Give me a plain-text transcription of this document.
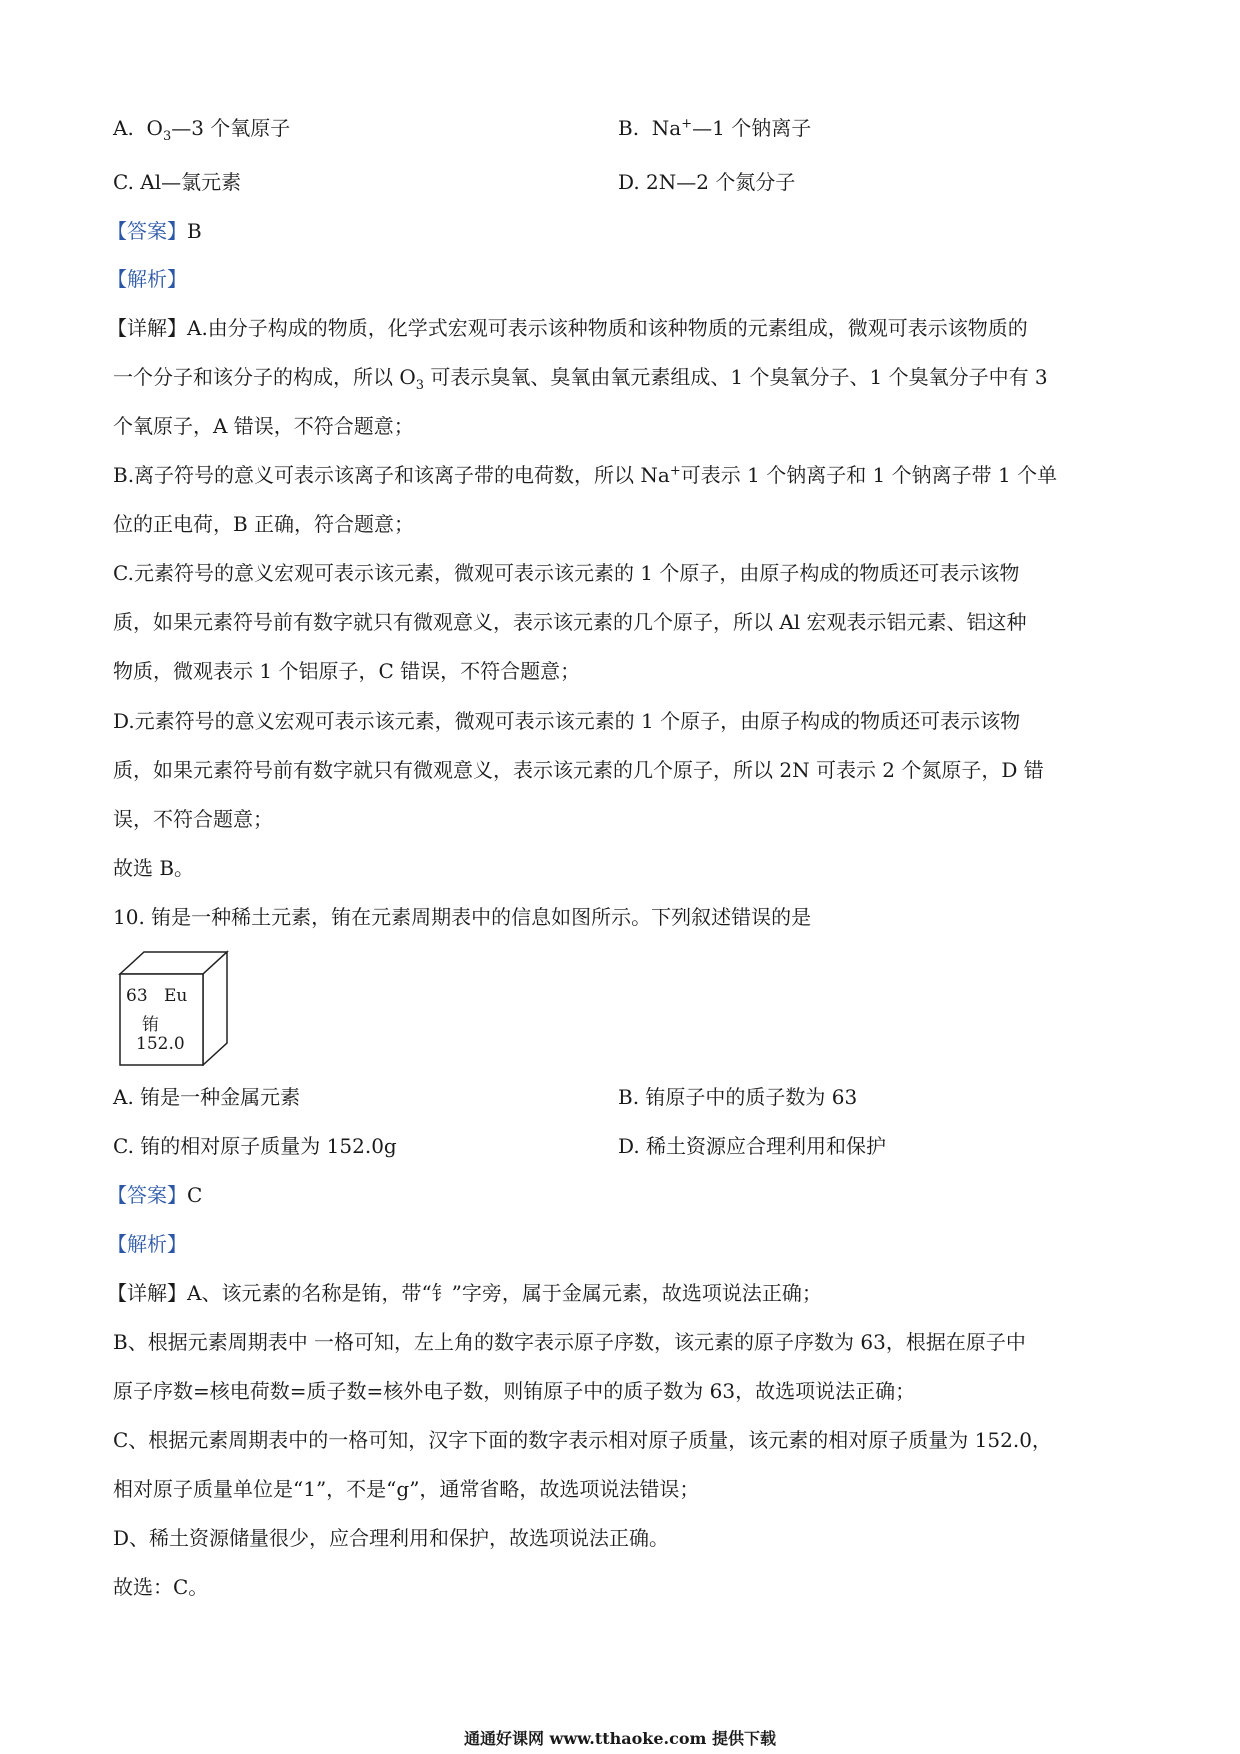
A. $O_3—3$ 个氧原子	B. Na+—1 个钠离子
C. Al—氯元素	D. 2N—2 个氮分子
【答案】B
【解析】
【详解】A.由分子构成的物质，化学式宏观可表示该种物质和该种物质的元素组成，微观可表示该物质的
一个分子和该分子的构成，所以 $O_3$ 可表示臭氧、臭氧由氧元素组成、1 个臭氧分子、1 个臭氧分子中有 3
个氧原子，A 错误，不符合题意；
B.离子符号的意义可表示该离子和该离子带的电荷数，所以 Na+可表示 1 个钠离子和 1 个钠离子带 1 个单
位的正电荷，B 正确，符合题意；
C.元素符号的意义宏观可表示该元素，微观可表示该元素的 1 个原子，由原子构成的物质还可表示该物
质，如果元素符号前有数字就只有微观意义，表示该元素的几个原子，所以 Al 宏观表示铝元素、铝这种
物质，微观表示 1 个铝原子，C 错误，不符合题意；
D.元素符号的意义宏观可表示该元素，微观可表示该元素的 1 个原子，由原子构成的物质还可表示该物
质，如果元素符号前有数字就只有微观意义，表示该元素的几个原子，所以 2N 可表示 2 个氮原子，D 错
误，不符合题意；
故选 B。
10. 铕是一种稀土元素，铕在元素周期表中的信息如图所示。下列叙述错误的是
63 Eu
铕
152.0
A. 铕是一种金属元素	B. 铕原子中的质子数为 63
C. 铕的相对原子质量为 152.0g	D. 稀土资源应合理利用和保护
【答案】C
【解析】
【详解】A、该元素的名称是铕，带“钅”字旁，属于金属元素，故选项说法正确；
B、根据元素周期表中 一格可知，左上角的数字表示原子序数，该元素的原子序数为 63，根据在原子中
原子序数=核电荷数=质子数=核外电子数，则铕原子中的质子数为 63，故选项说法正确；
C、根据元素周期表中的一格可知，汉字下面的数字表示相对原子质量，该元素的相对原子质量为 152.0，
相对原子质量单位是“1”，不是“g”，通常省略，故选项说法错误；
D、稀土资源储量很少，应合理利用和保护，故选项说法正确。
故选：C。
通通好课网 www.tthaoke.com 提供下载
